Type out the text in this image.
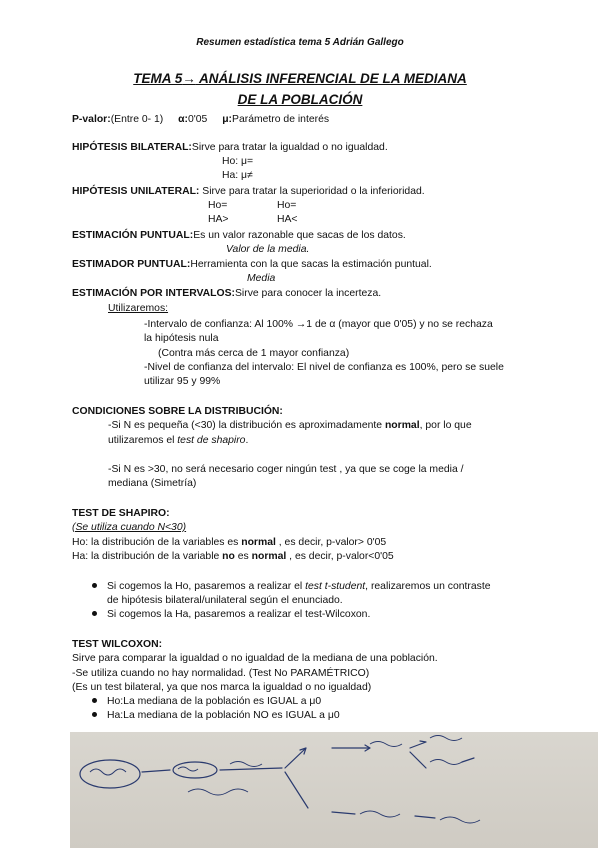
Resumen estadística tema 5 Adrián Gallego
TEMA 5→ ANÁLISIS INFERENCIAL DE LA MEDIANA
DE LA POBLACIÓN
P-valor:(Entre 0- 1) α:0'05 μ:Parámetro de interés
HIPÓTESIS BILATERAL:Sirve para tratar la igualdad o no igualdad.
Ho: μ=
Ha: μ≠
HIPÓTESIS UNILATERAL: Sirve para tratar la superioridad o la inferioridad.
Ho=	Ho=
HA>	HA<
ESTIMACIÓN PUNTUAL:Es un valor razonable que sacas de los datos.
Valor de la media.
ESTIMADOR PUNTUAL:Herramienta con la que sacas la estimación puntual.
Media
ESTIMACIÓN POR INTERVALOS:Sirve para conocer la incerteza.
Utilizaremos:
-Intervalo de confianza: Al 100% →1 de α (mayor que 0'05) y no se rechaza
la hipótesis nula
(Contra más cerca de 1 mayor confianza)
-Nivel de confianza del intervalo: El nivel de confianza es 100%, pero se suele
utilizar 95 y 99%
CONDICIONES SOBRE LA DISTRIBUCIÓN:
-Si N es pequeña (<30) la distribución es aproximadamente normal, por lo que
utilizaremos el test de shapiro.
-Si N es >30, no será necesario coger ningún test , ya que se coge la media /
mediana (Simetría)
TEST DE SHAPIRO:
(Se utiliza cuando N<30)
Ho: la distribución de la variables es normal , es decir, p-valor> 0'05
Ha: la distribución de la variable no es normal , es decir, p-valor<0'05
Si cogemos la Ho, pasaremos a realizar el test t-student, realizaremos un contraste
de hipótesis bilateral/unilateral según el enunciado.
Si cogemos la Ha, pasaremos a realizar el test-Wilcoxon.
TEST WILCOXON:
Sirve para comparar la igualdad o no igualdad de la mediana de una población.
-Se utiliza cuando no hay normalidad. (Test No PARAMÉTRICO)
(Es un test bilateral, ya que nos marca la igualdad o no igualdad)
Ho:La mediana de la población es IGUAL a μ0
Ha:La mediana de la población NO es IGUAL a μ0
